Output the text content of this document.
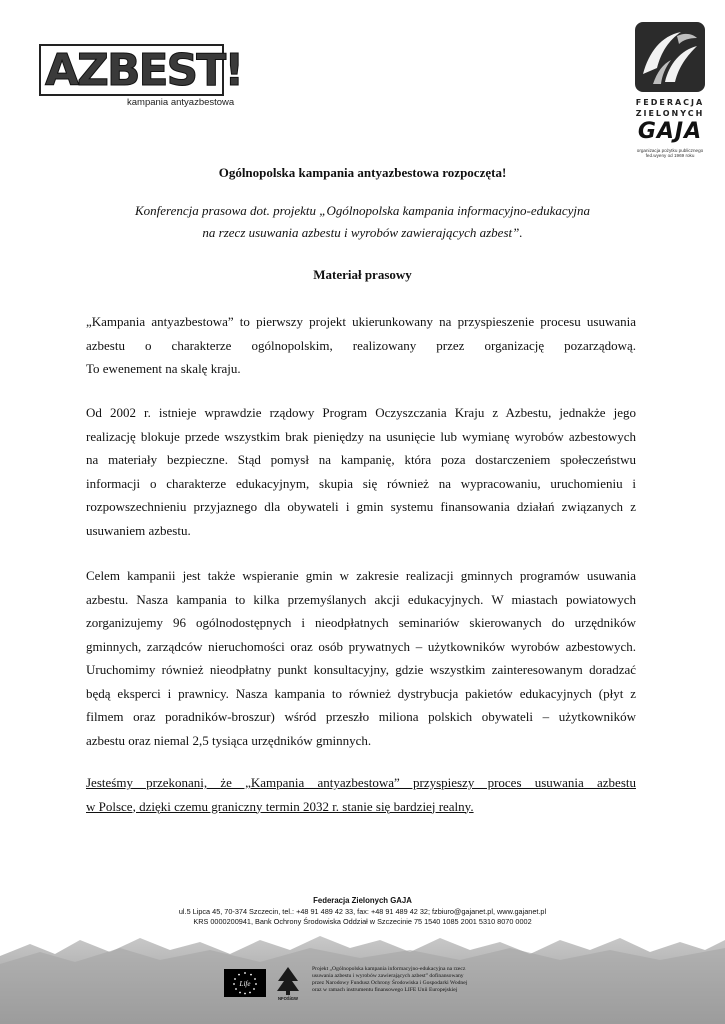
AZBEST!
kampania antyazbestowa	FEDERACJA
ZIELONYCH
GAJA
organizacja pożytku publicznego
fed.wyeny od 1969 roku
Ogólnopolska kampania antyazbestowa rozpoczęta!
Konferencja prasowa dot. projektu „Ogólnopolska kampania informacyjno-edukacyjna
na rzecz usuwania azbestu i wyrobów zawierających azbest”.
Materiał prasowy
„Kampania antyazbestowa” to pierwszy projekt ukierunkowany na przyspieszenie procesu usuwania
azbestu o charakterze ogólnopolskim, realizowany przez organizację pozarządową.
To ewenement na skalę kraju.
Od 2002 r. istnieje wprawdzie rządowy Program Oczyszczania Kraju z Azbestu, jednakże jego
realizację blokuje przede wszystkim brak pieniędzy na usunięcie lub wymianę wyrobów azbestowych
na materiały bezpieczne. Stąd pomysł na kampanię, która poza dostarczeniem społeczeństwu
informacji o charakterze edukacyjnym, skupia się również na wypracowaniu, uruchomieniu i
rozpowszechnieniu przyjaznego dla obywateli i gmin systemu finansowania działań związanych z
usuwaniem azbestu.
Celem kampanii jest także wspieranie gmin w zakresie realizacji gminnych programów usuwania
azbestu. Nasza kampania to kilka przemyślanych akcji edukacyjnych. W miastach powiatowych
zorganizujemy 96 ogólnodostępnych i nieodpłatnych seminariów skierowanych do urzędników
gminnych, zarządców nieruchomości oraz osób prywatnych – użytkowników wyrobów azbestowych.
Uruchomimy również nieodpłatny punkt konsultacyjny, gdzie wszystkim zainteresowanym doradzać
będą eksperci i prawnicy. Nasza kampania to również dystrybucja pakietów edukacyjnych (płyt z
filmem oraz poradników-broszur) wśród przeszło miliona polskich obywateli – użytkowników
azbestu oraz niemal 2,5 tysiąca urzędników gminnych.
Jesteśmy przekonani, że „Kampania antyazbestowa” przyspieszy proces usuwania azbestu
w Polsce, dzięki czemu graniczny termin 2032 r. stanie się bardziej realny.
Federacja Zielonych GAJA
ul.5 Lipca 45, 70-374 Szczecin, tel.: +48 91 489 42 33, fax: +48 91 489 42 32; fzbiuro@gajanet.pl, www.gajanet.pl
KRS 0000200941, Bank Ochrony Środowiska Oddział w Szczecinie 75 1540 1085 2001 5310 8070 0002
Life
NFOŚiGW
Projekt „Ogólnopolska kampania informacyjno-edukacyjna na rzecz
usuwania azbestu i wyrobów zawierających azbest” dofinansowany
przez Narodowy Fundusz Ochrony Środowiska i Gospodarki Wodnej
oraz w ramach instrumentu finansowego LIFE Unii Europejskiej
